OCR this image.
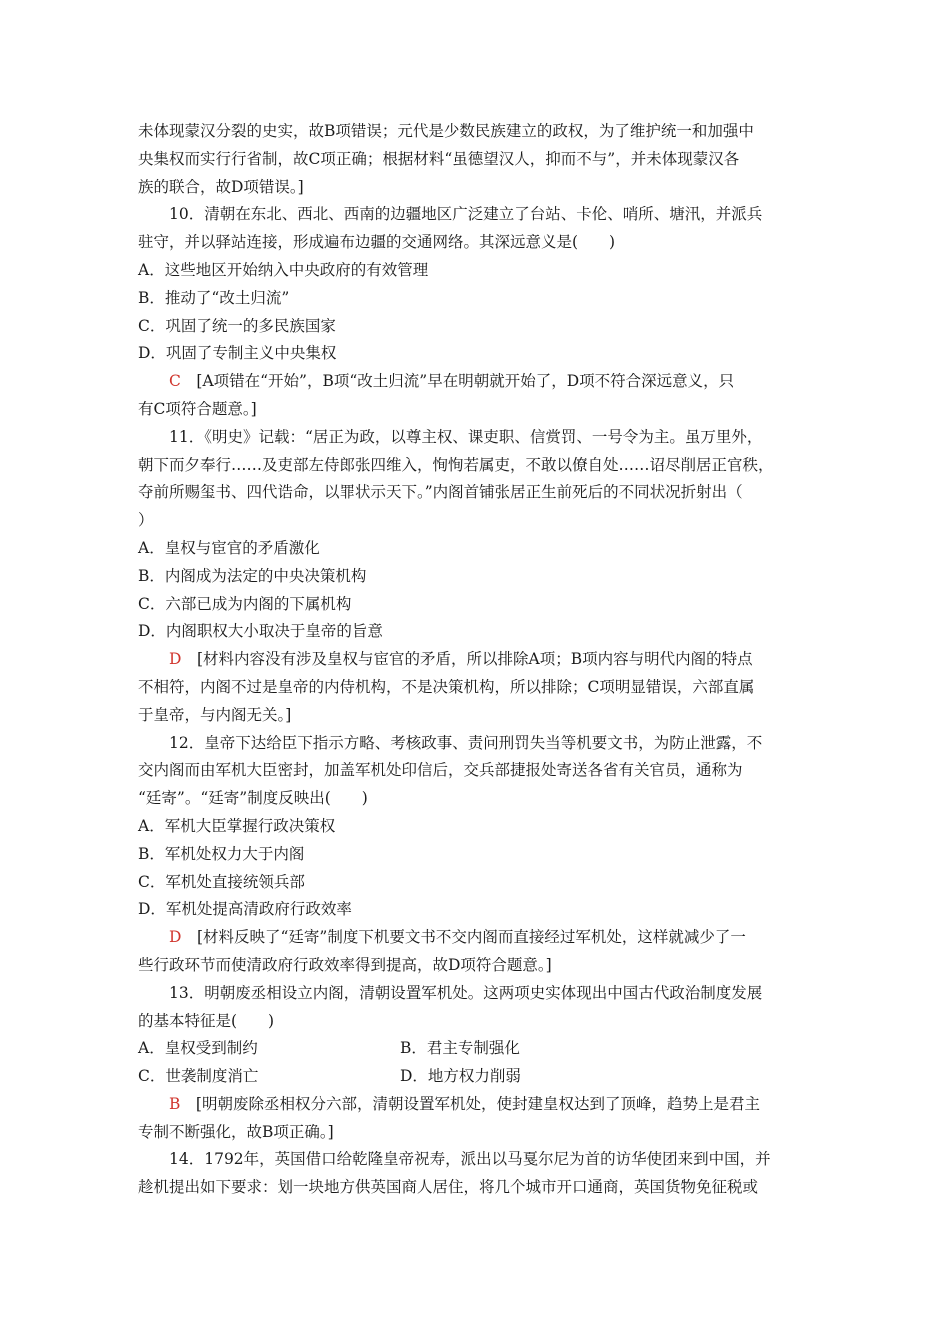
未体现蒙汉分裂的史实，故B项错误；元代是少数民族建立的政权，为了维护统一和加强中

央集权而实行行省制，故C项正确；根据材料“虽德望汉人，抑而不与”，并未体现蒙汉各

族的联合，故D项错误。]

10．清朝在东北、西北、西南的边疆地区广泛建立了台站、卡伦、哨所、塘汛，并派兵

驻守，并以驿站连接，形成遍布边疆的交通网络。其深远意义是(　　)

A．这些地区开始纳入中央政府的有效管理

B．推动了“改土归流”

C．巩固了统一的多民族国家

D．巩固了专制主义中央集权

C　 [A项错在“开始”，B项“改土归流”早在明朝就开始了，D项不符合深远意义，只

有C项符合题意。]

11．《明史》记载：“居正为政，以尊主权、课吏职、信赏罚、一号令为主。虽万里外，

朝下而夕奉行……及吏部左侍郎张四维入，恂恂若属吏，不敢以僚自处……诏尽削居正官秩，

夺前所赐玺书、四代诰命，以罪状示天下。”内阁首铺张居正生前死后的不同状况折射出（

）

A．皇权与宦官的矛盾激化

B．内阁成为法定的中央决策机构

C．六部已成为内阁的下属机构

D．内阁职权大小取决于皇帝的旨意

D　 [材料内容没有涉及皇权与宦官的矛盾，所以排除A项；B项内容与明代内阁的特点

不相符，内阁不过是皇帝的内侍机构，不是决策机构，所以排除；C项明显错误，六部直属

于皇帝，与内阁无关。]

12．皇帝下达给臣下指示方略、考核政事、责问刑罚失当等机要文书，为防止泄露，不

交内阁而由军机大臣密封，加盖军机处印信后，交兵部捷报处寄送各省有关官员，通称为

“廷寄”。“廷寄”制度反映出(　　)

A．军机大臣掌握行政决策权

B．军机处权力大于内阁

C．军机处直接统领兵部

D．军机处提高清政府行政效率

D　 [材料反映了“廷寄”制度下机要文书不交内阁而直接经过军机处，这样就减少了一

些行政环节而使清政府行政效率得到提高，故D项符合题意。]

13．明朝废丞相设立内阁，清朝设置军机处。这两项史实体现出中国古代政治制度发展

的基本特征是(　　)

A．皇权受到制约	B．君主专制强化

C．世袭制度消亡	D．地方权力削弱

B　 [明朝废除丞相权分六部，清朝设置军机处，使封建皇权达到了顶峰，趋势上是君主

专制不断强化，故B项正确。]

14．1792年，英国借口给乾隆皇帝祝寿，派出以马戛尔尼为首的访华使团来到中国，并

趁机提出如下要求：划一块地方供英国商人居住，将几个城市开口通商，英国货物免征税或
